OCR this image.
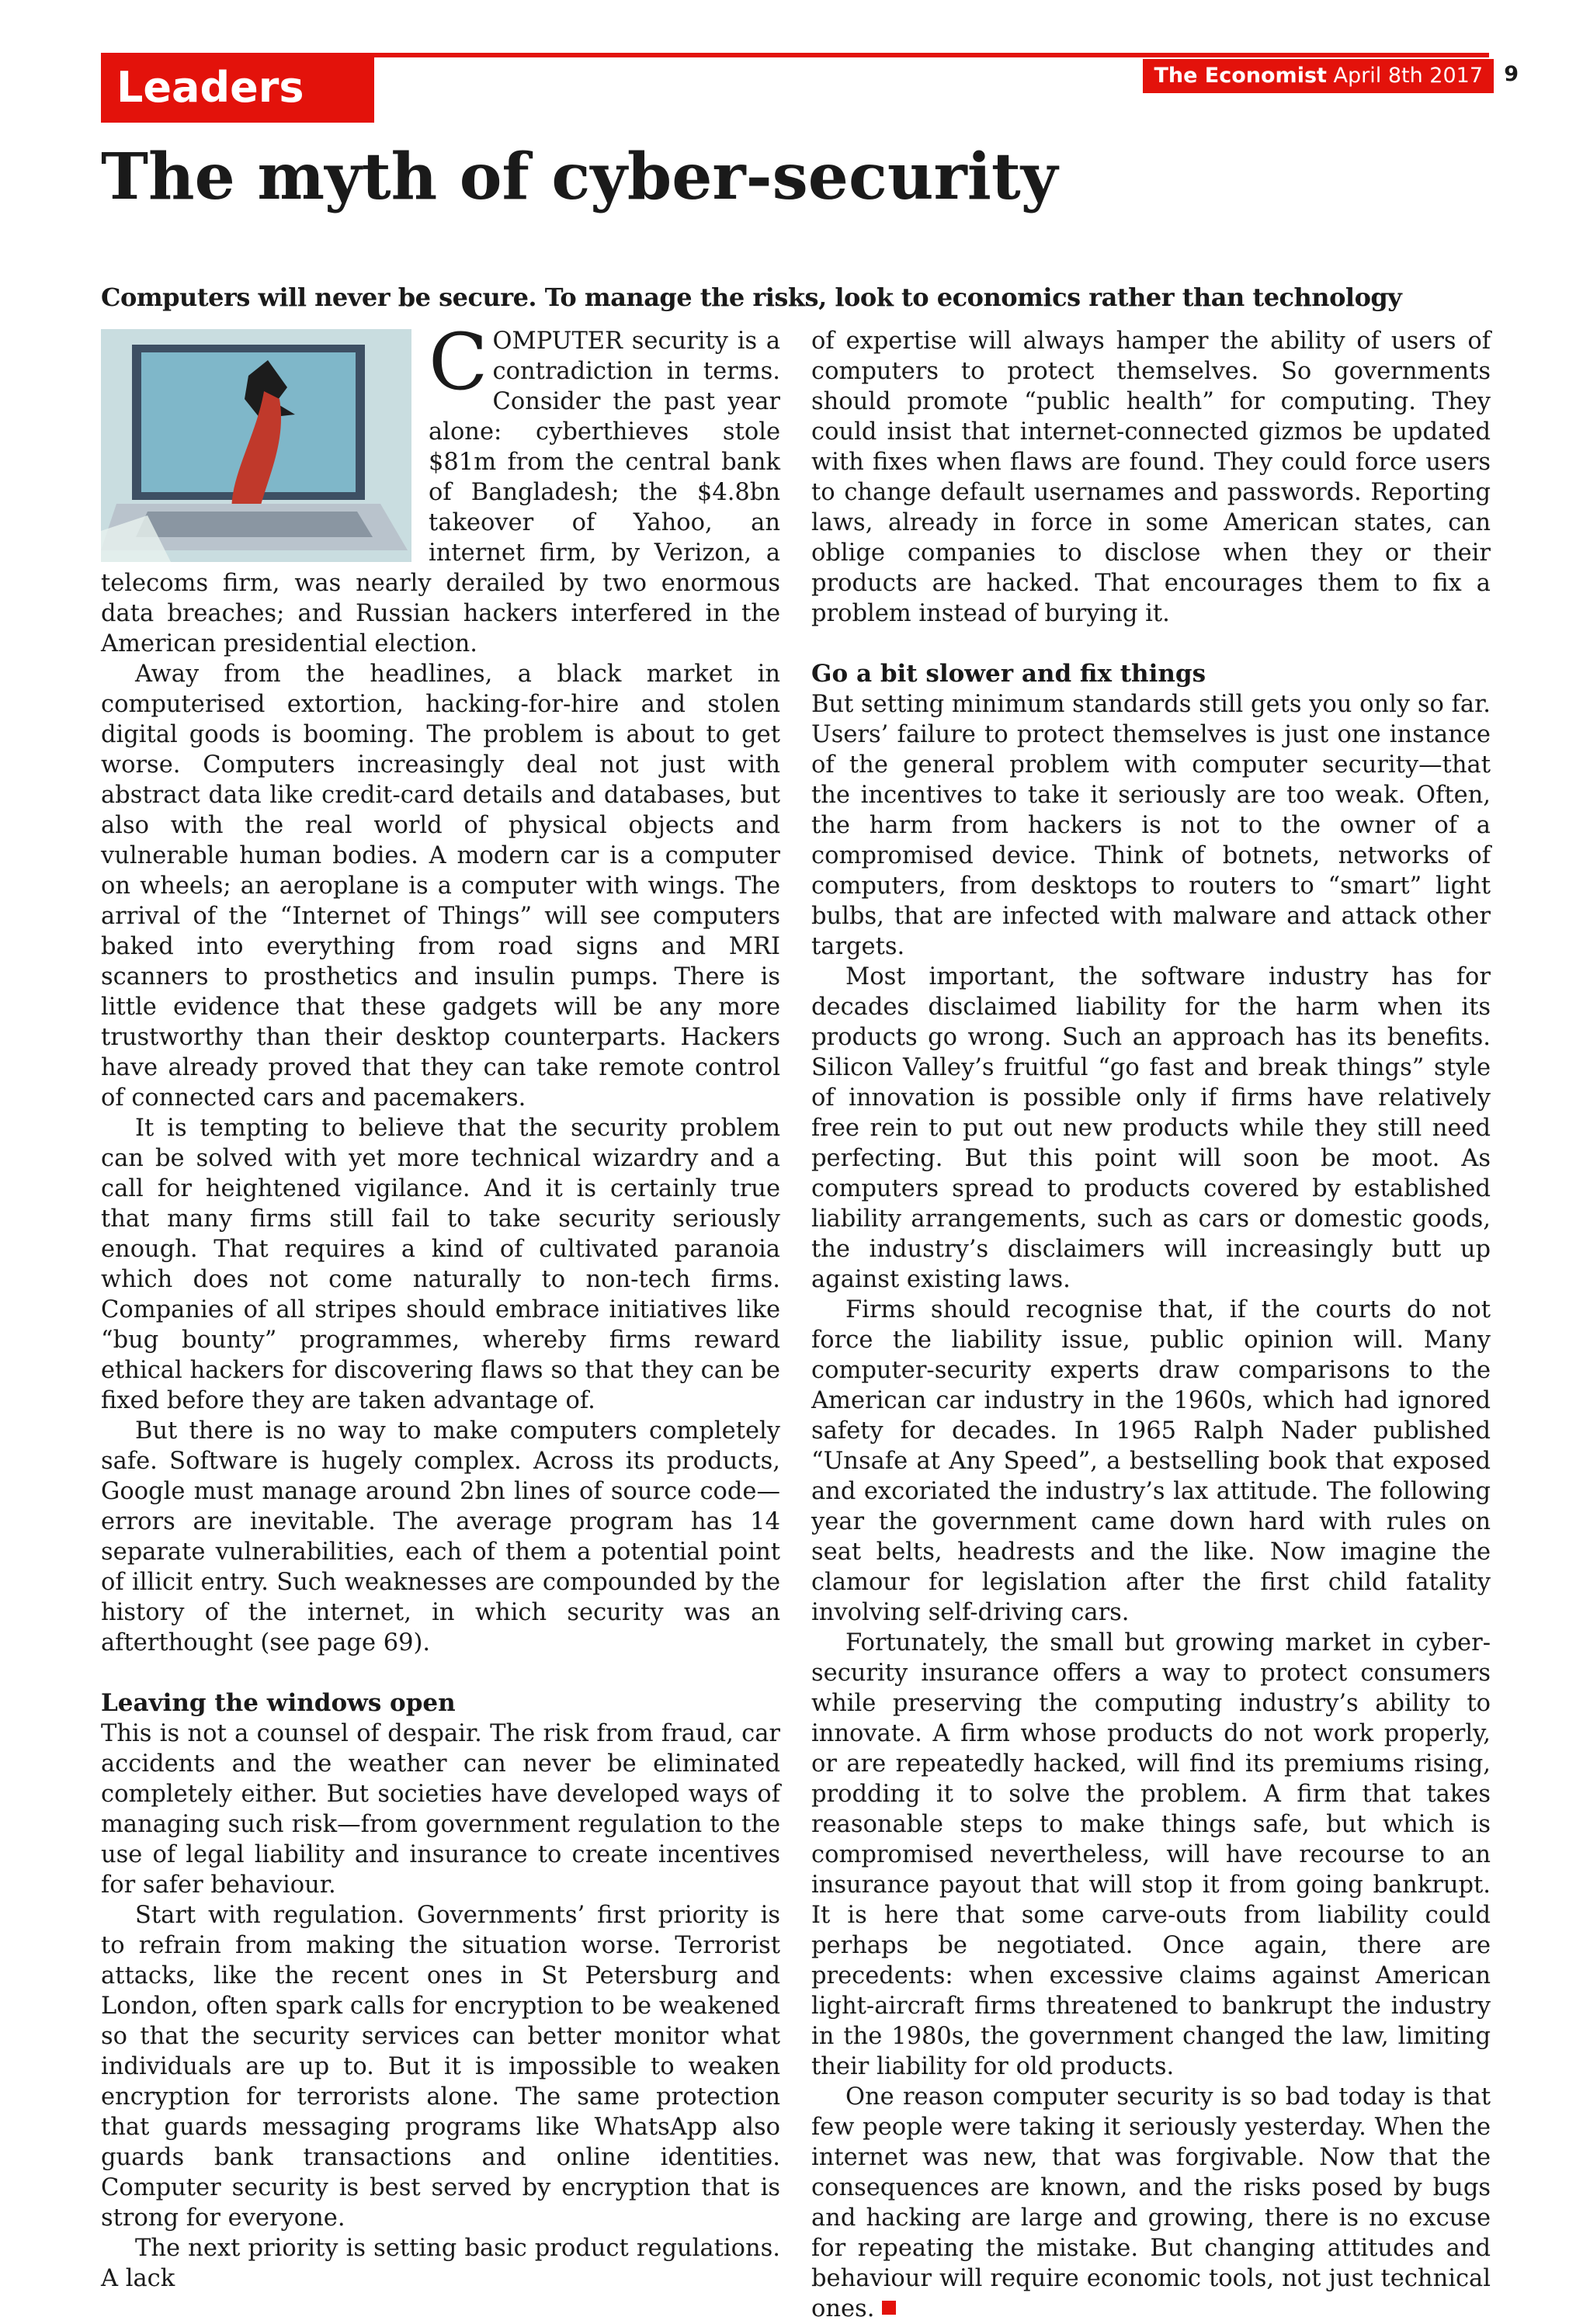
Leaders	The Economist April 8th 2017	9
The myth of cyber-security

Computers will never be secure. To manage the risks, look to economics rather than technology

COMPUTER security is a contradiction in terms. Consider the past year alone: cyberthieves stole $81m from the central bank of Bangladesh; the $4.8bn takeover of Yahoo, an internet firm, by Verizon, a telecoms firm, was nearly derailed by two enormous data breaches; and Russian hackers interfered in the American presidential election.

Away from the headlines, a black market in computerised extortion, hacking-for-hire and stolen digital goods is booming. The problem is about to get worse. Computers increasingly deal not just with abstract data like credit-card details and databases, but also with the real world of physical objects and vulnerable human bodies. A modern car is a computer on wheels; an aeroplane is a computer with wings. The arrival of the “Internet of Things” will see computers baked into everything from road signs and MRI scanners to prosthetics and insulin pumps. There is little evidence that these gadgets will be any more trustworthy than their desktop counterparts. Hackers have already proved that they can take remote control of connected cars and pacemakers.

It is tempting to believe that the security problem can be solved with yet more technical wizardry and a call for heightened vigilance. And it is certainly true that many firms still fail to take security seriously enough. That requires a kind of cultivated paranoia which does not come naturally to non-tech firms. Companies of all stripes should embrace initiatives like “bug bounty” programmes, whereby firms reward ethical hackers for discovering flaws so that they can be fixed before they are taken advantage of.

But there is no way to make computers completely safe. Software is hugely complex. Across its products, Google must manage around 2bn lines of source code—errors are inevitable. The average program has 14 separate vulnerabilities, each of them a potential point of illicit entry. Such weaknesses are compounded by the history of the internet, in which security was an afterthought (see page 69).

Leaving the windows open

This is not a counsel of despair. The risk from fraud, car accidents and the weather can never be eliminated completely either. But societies have developed ways of managing such risk—from government regulation to the use of legal liability and insurance to create incentives for safer behaviour.

Start with regulation. Governments’ first priority is to refrain from making the situation worse. Terrorist attacks, like the recent ones in St Petersburg and London, often spark calls for encryption to be weakened so that the security services can better monitor what individuals are up to. But it is impossible to weaken encryption for terrorists alone. The same protection that guards messaging programs like WhatsApp also guards bank transactions and online identities. Computer security is best served by encryption that is strong for everyone.

The next priority is setting basic product regulations. A lack

of expertise will always hamper the ability of users of computers to protect themselves. So governments should promote “public health” for computing. They could insist that internet-connected gizmos be updated with fixes when flaws are found. They could force users to change default usernames and passwords. Reporting laws, already in force in some American states, can oblige companies to disclose when they or their products are hacked. That encourages them to fix a problem instead of burying it.

Go a bit slower and fix things

But setting minimum standards still gets you only so far. Users’ failure to protect themselves is just one instance of the general problem with computer security—that the incentives to take it seriously are too weak. Often, the harm from hackers is not to the owner of a compromised device. Think of botnets, networks of computers, from desktops to routers to “smart” light bulbs, that are infected with malware and attack other targets.

Most important, the software industry has for decades disclaimed liability for the harm when its products go wrong. Such an approach has its benefits. Silicon Valley’s fruitful “go fast and break things” style of innovation is possible only if firms have relatively free rein to put out new products while they still need perfecting. But this point will soon be moot. As computers spread to products covered by established liability arrangements, such as cars or domestic goods, the industry’s disclaimers will increasingly butt up against existing laws.

Firms should recognise that, if the courts do not force the liability issue, public opinion will. Many computer-security experts draw comparisons to the American car industry in the 1960s, which had ignored safety for decades. In 1965 Ralph Nader published “Unsafe at Any Speed”, a bestselling book that exposed and excoriated the industry’s lax attitude. The following year the government came down hard with rules on seat belts, headrests and the like. Now imagine the clamour for legislation after the first child fatality involving self-driving cars.

Fortunately, the small but growing market in cyber-security insurance offers a way to protect consumers while preserving the computing industry’s ability to innovate. A firm whose products do not work properly, or are repeatedly hacked, will find its premiums rising, prodding it to solve the problem. A firm that takes reasonable steps to make things safe, but which is compromised nevertheless, will have recourse to an insurance payout that will stop it from going bankrupt. It is here that some carve-outs from liability could perhaps be negotiated. Once again, there are precedents: when excessive claims against American light-aircraft firms threatened to bankrupt the industry in the 1980s, the government changed the law, limiting their liability for old products.

One reason computer security is so bad today is that few people were taking it seriously yesterday. When the internet was new, that was forgivable. Now that the consequences are known, and the risks posed by bugs and hacking are large and growing, there is no excuse for repeating the mistake. But changing attitudes and behaviour will require economic tools, not just technical ones.
